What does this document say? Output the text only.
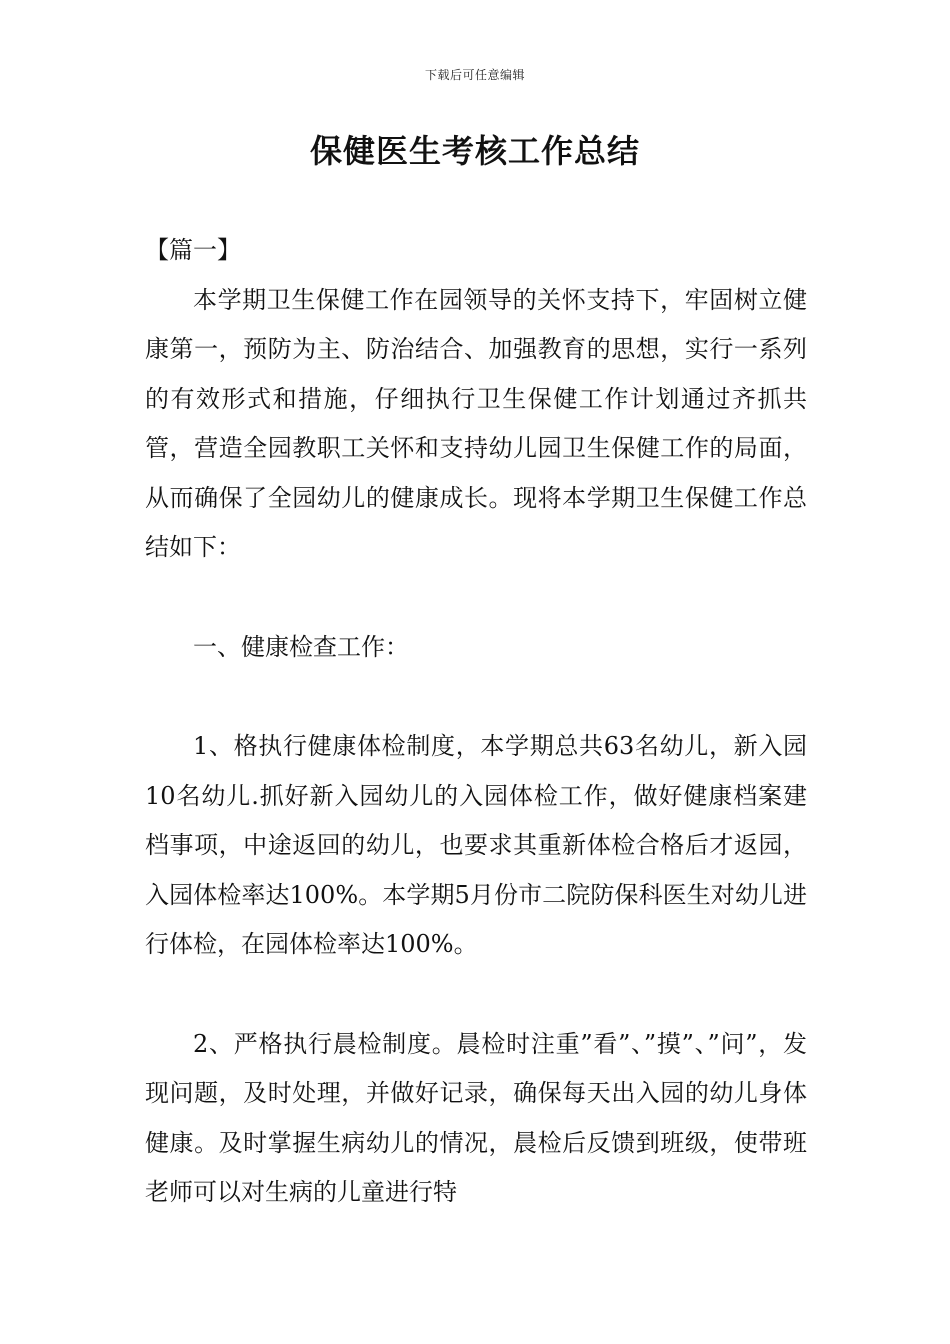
下载后可任意编辑
保健医生考核工作总结

【篇一】

本学期卫生保健工作在园领导的关怀支持下，牢固树立健康第一，预防为主、防治结合、加强教育的思想，实行一系列的有效形式和措施，仔细执行卫生保健工作计划通过齐抓共管，营造全园教职工关怀和支持幼儿园卫生保健工作的局面，从而确保了全园幼儿的健康成长。现将本学期卫生保健工作总结如下：

一、健康检查工作：

1、格执行健康体检制度，本学期总共63名幼儿，新入园10名幼儿.抓好新入园幼儿的入园体检工作，做好健康档案建档事项，中途返回的幼儿，也要求其重新体检合格后才返园，入园体检率达100%。本学期5月份市二院防保科医生对幼儿进行体检，在园体检率达100%。

2、严格执行晨检制度。晨检时注重”看”、”摸”、”问”，发现问题，及时处理，并做好记录，确保每天出入园的幼儿身体健康。及时掌握生病幼儿的情况，晨检后反馈到班级，使带班老师可以对生病的儿童进行特
